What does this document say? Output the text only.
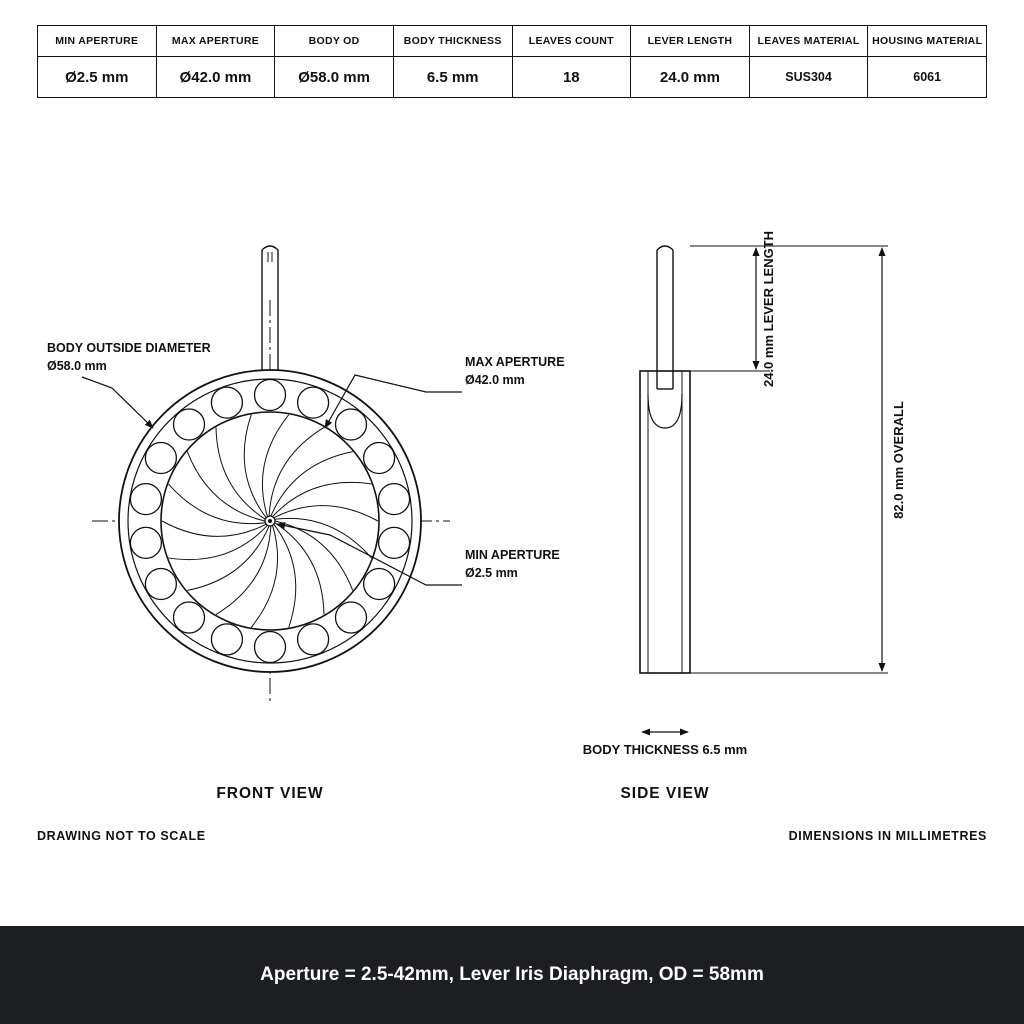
MIN APERTURE	MAX APERTURE	BODY OD	BODY THICKNESS	LEAVES COUNT	LEVER LENGTH	LEAVES MATERIAL	HOUSING MATERIAL
Ø2.5 mm	Ø42.0 mm	Ø58.0 mm	6.5 mm	18	24.0 mm	SUS304	6061
BODY OUTSIDE DIAMETER
Ø58.0 mm	MAX APERTURE
Ø42.0 mm
MIN APERTURE
Ø2.5 mm
FRONT VIEW
24.0 mm LEVER LENGTH
82.0 mm OVERALL
BODY THICKNESS 6.5 mm
SIDE VIEW
DRAWING NOT TO SCALE	DIMENSIONS IN MILLIMETRES
Aperture = 2.5-42mm, Lever Iris Diaphragm, OD = 58mm
